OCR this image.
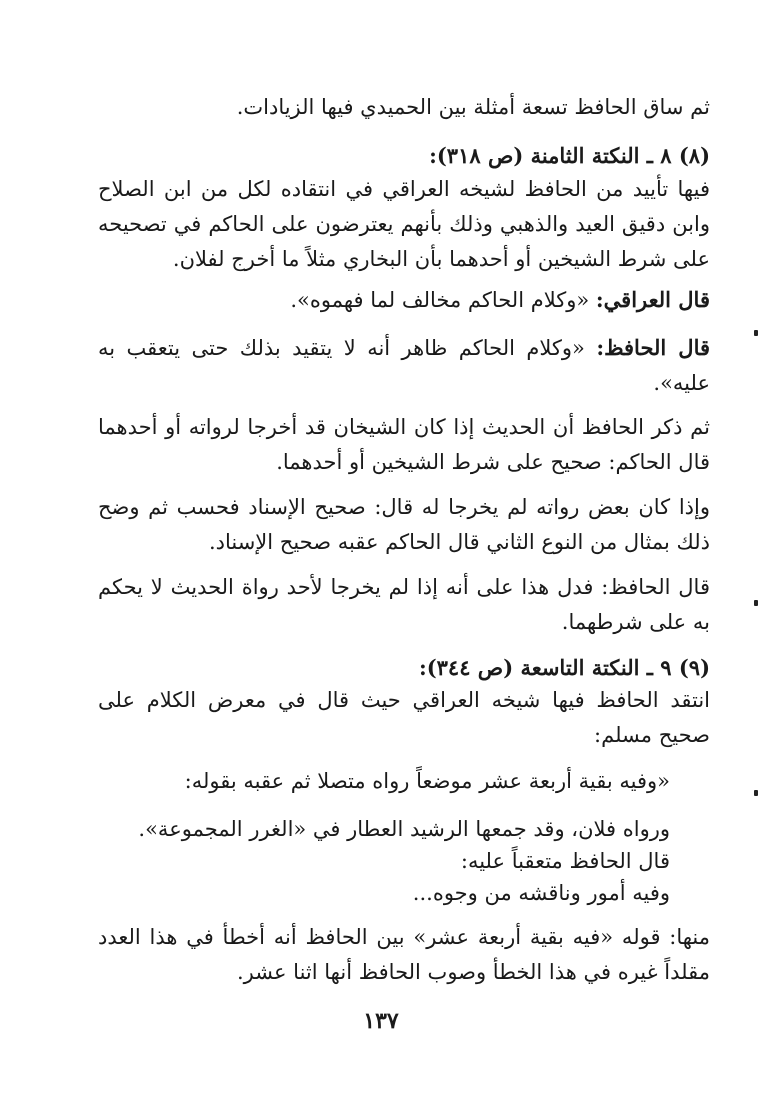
ثم ساق الحافظ تسعة أمثلة بين الحميدي فيها الزيادات.
(٨) ٨ ـ النكتة الثامنة (ص ٣١٨):
فيها تأييد من الحافظ لشيخه العراقي في انتقاده لكل من ابن الصلاح وابن دقيق العيد والذهبي وذلك بأنهم يعترضون على الحاكم في تصحيحه على شرط الشيخين أو أحدهما بأن البخاري مثلاً ما أخرج لفلان.
قال العراقي: «وكلام الحاكم مخالف لما فهموه».
قال الحافظ: «وكلام الحاكم ظاهر أنه لا يتقيد بذلك حتى يتعقب به عليه».
ثم ذكر الحافظ أن الحديث إذا كان الشيخان قد أخرجا لرواته أو أحدهما قال الحاكم: صحيح على شرط الشيخين أو أحدهما.
وإذا كان بعض رواته لم يخرجا له قال: صحيح الإسناد فحسب ثم وضح ذلك بمثال من النوع الثاني قال الحاكم عقبه صحيح الإسناد.
قال الحافظ: فدل هذا على أنه إذا لم يخرجا لأحد رواة الحديث لا يحكم به على شرطهما.
(٩) ٩ ـ النكتة التاسعة (ص ٣٤٤):
انتقد الحافظ فيها شيخه العراقي حيث قال في معرض الكلام على صحيح مسلم:
«وفيه بقية أربعة عشر موضعاً رواه متصلا ثم عقبه بقوله:
ورواه فلان، وقد جمعها الرشيد العطار في «الغرر المجموعة».
قال الحافظ متعقباً عليه:
وفيه أمور وناقشه من وجوه...
منها: قوله «فيه بقية أربعة عشر» بين الحافظ أنه أخطأ في هذا العدد مقلداً غيره في هذا الخطأ وصوب الحافظ أنها اثنا عشر.
١٣٧
